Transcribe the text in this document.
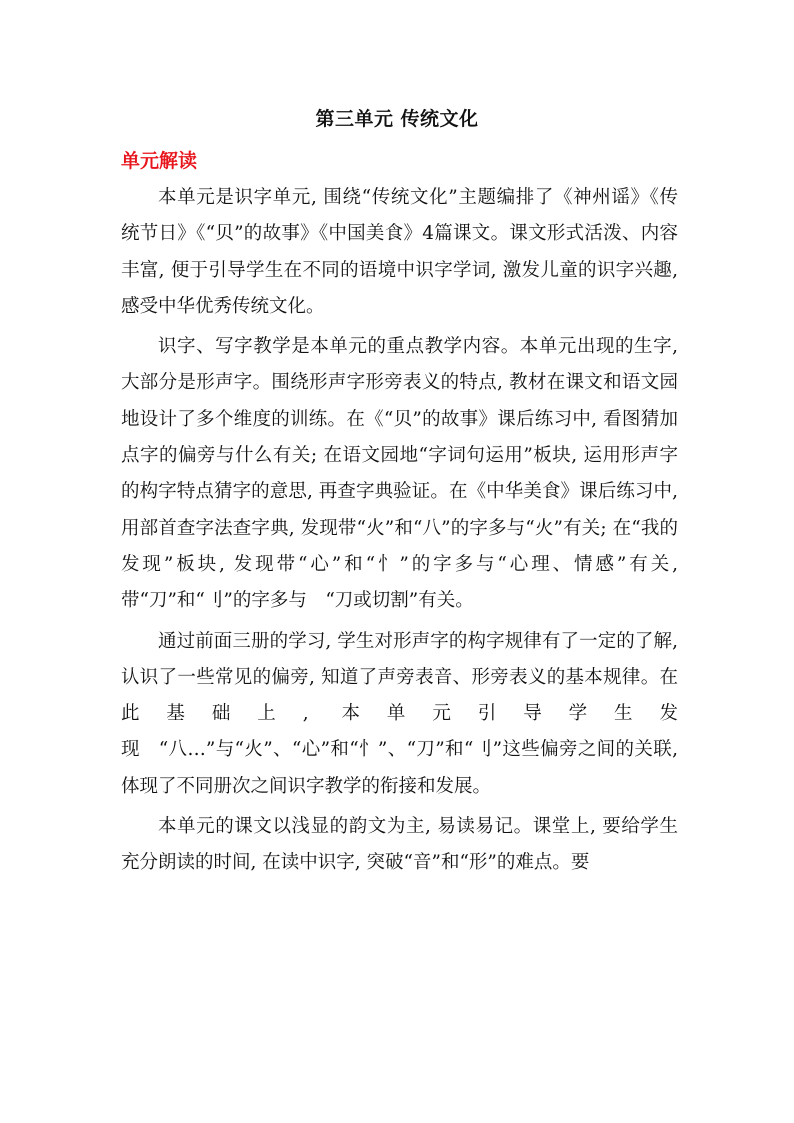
第三单元 传统文化
单元解读

本单元是识字单元, 围绕“传统文化”主题编排了《神州谣》《传统节日》《“贝”的故事》《中国美食》4篇课文。课文形式活泼、内容丰富, 便于引导学生在不同的语境中识字学词, 激发儿童的识字兴趣, 感受中华优秀传统文化。

识字、写字教学是本单元的重点教学内容。本单元出现的生字, 大部分是形声字。围绕形声字形旁表义的特点, 教材在课文和语文园地设计了多个维度的训练。在《“贝”的故事》课后练习中, 看图猜加点字的偏旁与什么有关; 在语文园地“字词句运用”板块, 运用形声字的构字特点猜字的意思, 再查字典验证。在《中华美食》课后练习中, 用部首查字法查字典, 发现带“火”和“八”的字多与“火”有关; 在“我的发现”板块, 发现带“心”和“忄”的字多与“心理、情感”有关, 带“刀”和“刂”的字多与　“刀或切割”有关。

通过前面三册的学习, 学生对形声字的构字规律有了一定的了解, 认识了一些常见的偏旁, 知道了声旁表音、形旁表义的基本规律。在此基础上, 本单元引导学生发现　“八…”与“火”、“心”和“忄”、“刀”和“刂”这些偏旁之间的关联, 体现了不同册次之间识字教学的衔接和发展。

本单元的课文以浅显的韵文为主, 易读易记。课堂上, 要给学生充分朗读的时间, 在读中识字, 突破“音”和“形”的难点。要
